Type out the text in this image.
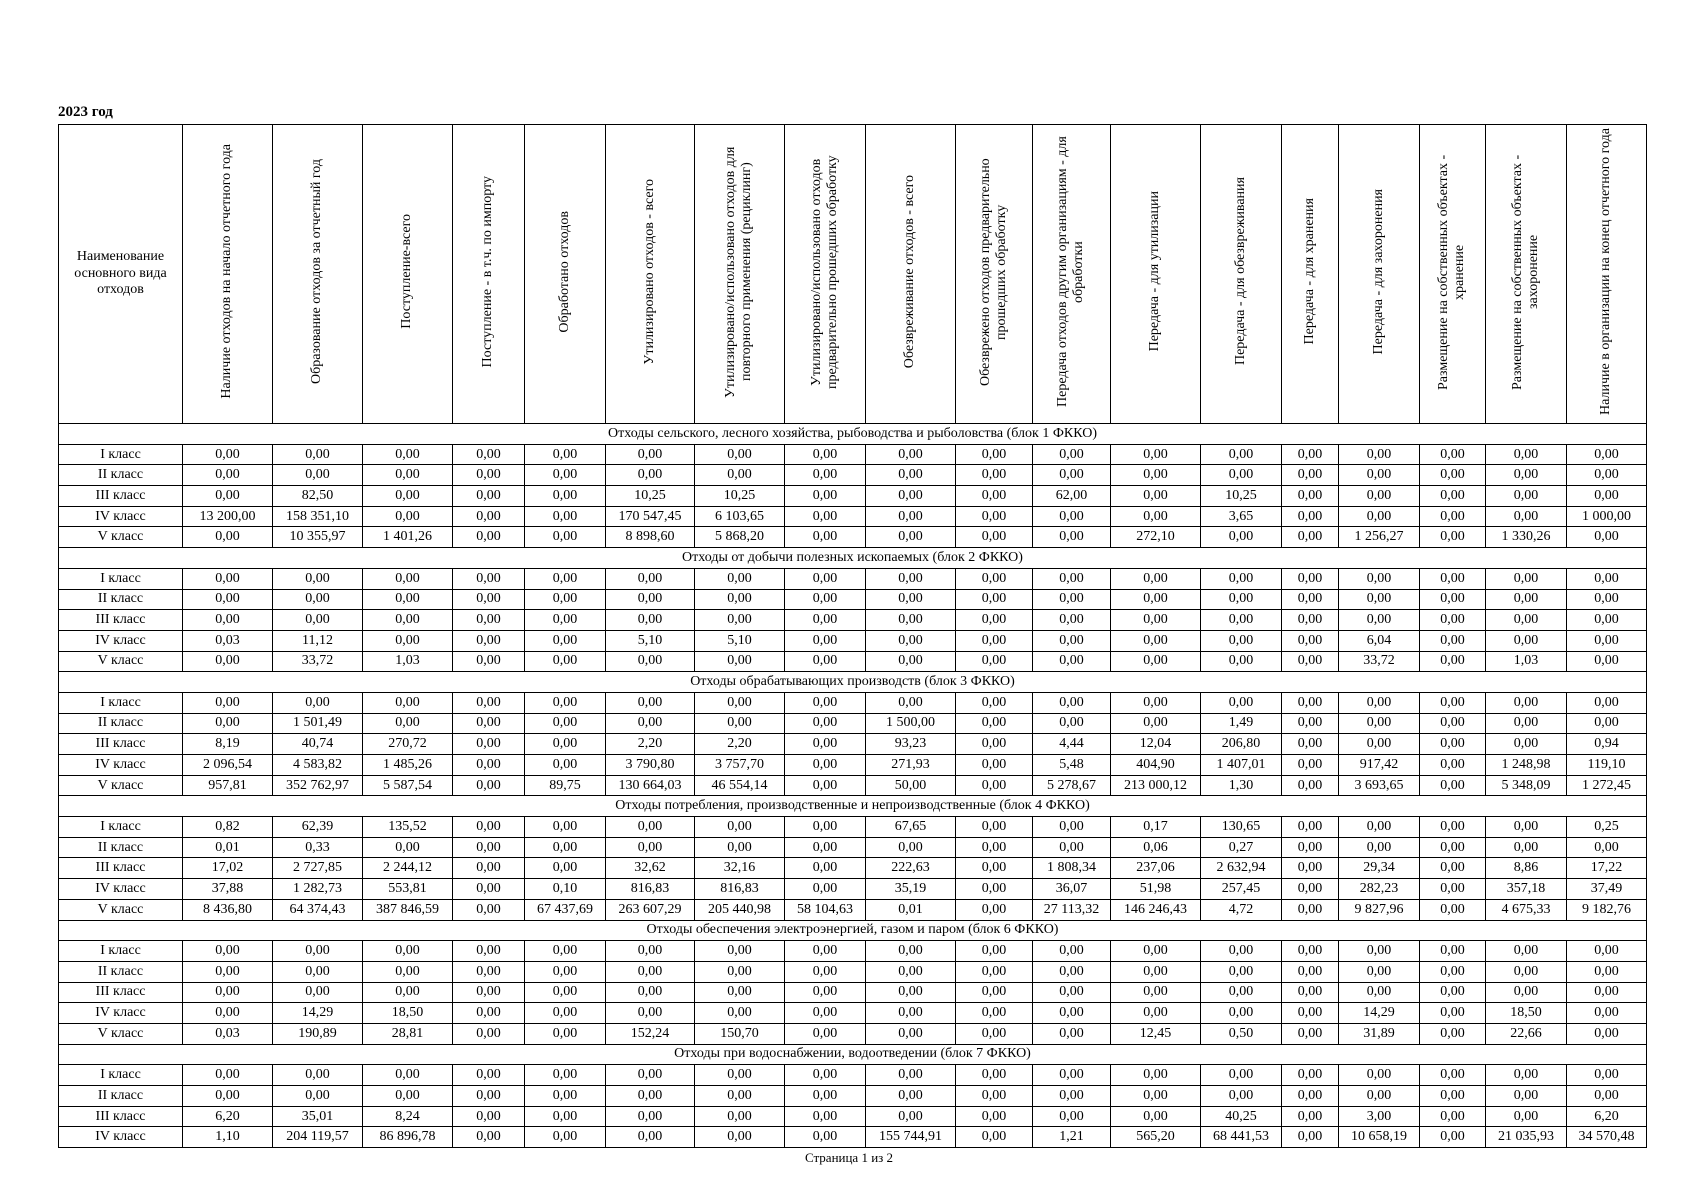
2023 год
Наименование основного вида отходов	Наличие отходов на начало отчетного года	Образование отходов за отчетный год	Поступление-всего	Поступление - в т.ч. по импорту	Обработано отходов	Утилизировано отходов - всего	Утилизировано/использовано отходов для повторного применения (рециклинг)	Утилизировано/использовано отходов предварительно прошедших обработку	Обезвреживание отходов - всего	Обезврежено отходов предварительно прошедших обработку	Передача отходов другим организациям - для обработки	Передача - для утилизации	Передача - для обезвреживания	Передача - для хранения	Передача - для захоронения	Размещение на собственных объектах - хранение	Размещение на собственных объектах - захоронение	Наличие в организации на конец отчетного года
Отходы сельского, лесного хозяйства, рыбоводства и рыболовства (блок 1 ФККО)																		
I класс	0,00	0,00	0,00	0,00	0,00	0,00	0,00	0,00	0,00	0,00	0,00	0,00	0,00	0,00	0,00	0,00	0,00	0,00
II класс	0,00	0,00	0,00	0,00	0,00	0,00	0,00	0,00	0,00	0,00	0,00	0,00	0,00	0,00	0,00	0,00	0,00	0,00
III класс	0,00	82,50	0,00	0,00	0,00	10,25	10,25	0,00	0,00	0,00	62,00	0,00	10,25	0,00	0,00	0,00	0,00	0,00
IV класс	13 200,00	158 351,10	0,00	0,00	0,00	170 547,45	6 103,65	0,00	0,00	0,00	0,00	0,00	3,65	0,00	0,00	0,00	0,00	1 000,00
V класс	0,00	10 355,97	1 401,26	0,00	0,00	8 898,60	5 868,20	0,00	0,00	0,00	0,00	272,10	0,00	0,00	1 256,27	0,00	1 330,26	0,00
Отходы от добычи полезных ископаемых (блок 2 ФККО)																		
I класс	0,00	0,00	0,00	0,00	0,00	0,00	0,00	0,00	0,00	0,00	0,00	0,00	0,00	0,00	0,00	0,00	0,00	0,00
II класс	0,00	0,00	0,00	0,00	0,00	0,00	0,00	0,00	0,00	0,00	0,00	0,00	0,00	0,00	0,00	0,00	0,00	0,00
III класс	0,00	0,00	0,00	0,00	0,00	0,00	0,00	0,00	0,00	0,00	0,00	0,00	0,00	0,00	0,00	0,00	0,00	0,00
IV класс	0,03	11,12	0,00	0,00	0,00	5,10	5,10	0,00	0,00	0,00	0,00	0,00	0,00	0,00	6,04	0,00	0,00	0,00
V класс	0,00	33,72	1,03	0,00	0,00	0,00	0,00	0,00	0,00	0,00	0,00	0,00	0,00	0,00	33,72	0,00	1,03	0,00
Отходы обрабатывающих производств (блок 3 ФККО)																		
I класс	0,00	0,00	0,00	0,00	0,00	0,00	0,00	0,00	0,00	0,00	0,00	0,00	0,00	0,00	0,00	0,00	0,00	0,00
II класс	0,00	1 501,49	0,00	0,00	0,00	0,00	0,00	0,00	1 500,00	0,00	0,00	0,00	1,49	0,00	0,00	0,00	0,00	0,00
III класс	8,19	40,74	270,72	0,00	0,00	2,20	2,20	0,00	93,23	0,00	4,44	12,04	206,80	0,00	0,00	0,00	0,00	0,94
IV класс	2 096,54	4 583,82	1 485,26	0,00	0,00	3 790,80	3 757,70	0,00	271,93	0,00	5,48	404,90	1 407,01	0,00	917,42	0,00	1 248,98	119,10
V класс	957,81	352 762,97	5 587,54	0,00	89,75	130 664,03	46 554,14	0,00	50,00	0,00	5 278,67	213 000,12	1,30	0,00	3 693,65	0,00	5 348,09	1 272,45
Отходы потребления, производственные и непроизводственные (блок 4 ФККО)																		
I класс	0,82	62,39	135,52	0,00	0,00	0,00	0,00	0,00	67,65	0,00	0,00	0,17	130,65	0,00	0,00	0,00	0,00	0,25
II класс	0,01	0,33	0,00	0,00	0,00	0,00	0,00	0,00	0,00	0,00	0,00	0,06	0,27	0,00	0,00	0,00	0,00	0,00
III класс	17,02	2 727,85	2 244,12	0,00	0,00	32,62	32,16	0,00	222,63	0,00	1 808,34	237,06	2 632,94	0,00	29,34	0,00	8,86	17,22
IV класс	37,88	1 282,73	553,81	0,00	0,10	816,83	816,83	0,00	35,19	0,00	36,07	51,98	257,45	0,00	282,23	0,00	357,18	37,49
V класс	8 436,80	64 374,43	387 846,59	0,00	67 437,69	263 607,29	205 440,98	58 104,63	0,01	0,00	27 113,32	146 246,43	4,72	0,00	9 827,96	0,00	4 675,33	9 182,76
Отходы обеспечения электроэнергией, газом и паром (блок 6 ФККО)																		
I класс	0,00	0,00	0,00	0,00	0,00	0,00	0,00	0,00	0,00	0,00	0,00	0,00	0,00	0,00	0,00	0,00	0,00	0,00
II класс	0,00	0,00	0,00	0,00	0,00	0,00	0,00	0,00	0,00	0,00	0,00	0,00	0,00	0,00	0,00	0,00	0,00	0,00
III класс	0,00	0,00	0,00	0,00	0,00	0,00	0,00	0,00	0,00	0,00	0,00	0,00	0,00	0,00	0,00	0,00	0,00	0,00
IV класс	0,00	14,29	18,50	0,00	0,00	0,00	0,00	0,00	0,00	0,00	0,00	0,00	0,00	0,00	14,29	0,00	18,50	0,00
V класс	0,03	190,89	28,81	0,00	0,00	152,24	150,70	0,00	0,00	0,00	0,00	12,45	0,50	0,00	31,89	0,00	22,66	0,00
Отходы при водоснабжении, водоотведении (блок 7 ФККО)																		
I класс	0,00	0,00	0,00	0,00	0,00	0,00	0,00	0,00	0,00	0,00	0,00	0,00	0,00	0,00	0,00	0,00	0,00	0,00
II класс	0,00	0,00	0,00	0,00	0,00	0,00	0,00	0,00	0,00	0,00	0,00	0,00	0,00	0,00	0,00	0,00	0,00	0,00
III класс	6,20	35,01	8,24	0,00	0,00	0,00	0,00	0,00	0,00	0,00	0,00	0,00	40,25	0,00	3,00	0,00	0,00	6,20
IV класс	1,10	204 119,57	86 896,78	0,00	0,00	0,00	0,00	0,00	155 744,91	0,00	1,21	565,20	68 441,53	0,00	10 658,19	0,00	21 035,93	34 570,48
Страница 1 из 2
